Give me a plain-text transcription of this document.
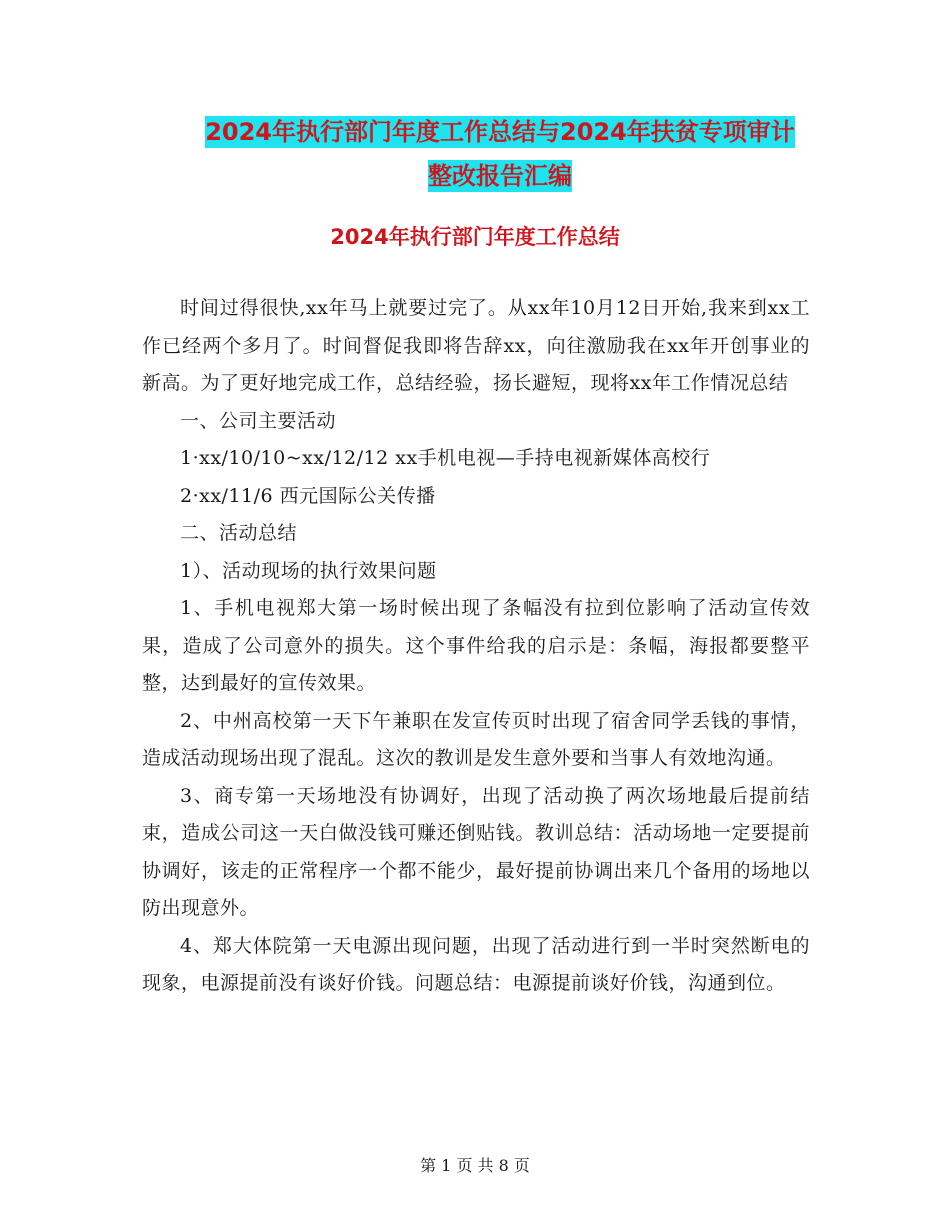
2024年执行部门年度工作总结与2024年扶贫专项审计
整改报告汇编
2024年执行部门年度工作总结

时间过得很快,xx年马上就要过完了。从xx年10月12日开始,我来到xx工作已经两个多月了。时间督促我即将告辞xx，向往激励我在xx年开创事业的新高。为了更好地完成工作，总结经验，扬长避短，现将xx年工作情况总结

一、公司主要活动

1·xx/10/10~xx/12/12 xx手机电视—手持电视新媒体高校行

2·xx/11/6 西元国际公关传播

二、活动总结

1）、活动现场的执行效果问题

1、手机电视郑大第一场时候出现了条幅没有拉到位影响了活动宣传效果，造成了公司意外的损失。这个事件给我的启示是：条幅，海报都要整平整，达到最好的宣传效果。

2、中州高校第一天下午兼职在发宣传页时出现了宿舍同学丢钱的事情，造成活动现场出现了混乱。这次的教训是发生意外要和当事人有效地沟通。

3、商专第一天场地没有协调好，出现了活动换了两次场地最后提前结束，造成公司这一天白做没钱可赚还倒贴钱。教训总结：活动场地一定要提前协调好，该走的正常程序一个都不能少，最好提前协调出来几个备用的场地以防出现意外。

4、郑大体院第一天电源出现问题，出现了活动进行到一半时突然断电的现象，电源提前没有谈好价钱。问题总结：电源提前谈好价钱，沟通到位。

第 1 页 共 8 页
